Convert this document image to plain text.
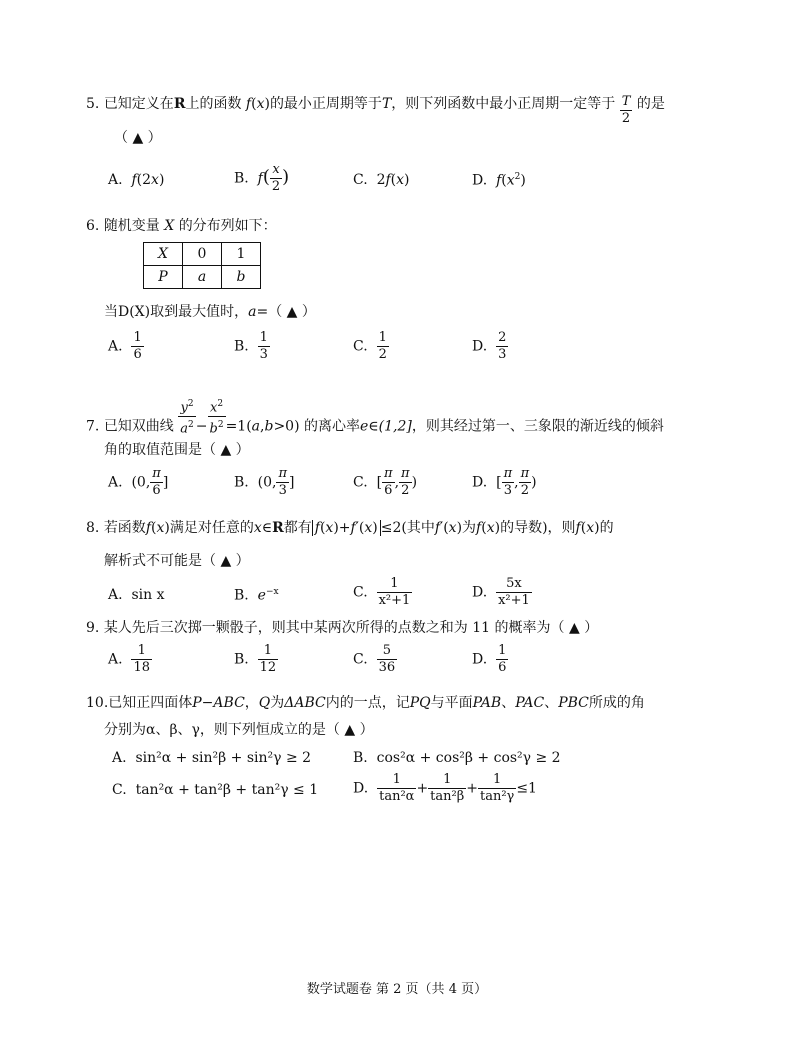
5. 已知定义在R上的函数 f(x)的最小正周期等于T，则下列函数中最小正周期一定等于 $\frac{T}{2}$ 的是
（ ▲ ）
A. f(2x)	B. $f( \frac{x}{2}$ )	C.  2f(x)	D. $f(x^2)$
6. 随机变量 X 的分布列如下：
X	0	1
P	a	b
当D(X)取到最大值时，a=（ ▲ ）
A. $\frac{1}{6}$	B. $\frac{1}{3}$	C. $\frac{1}{2}$	D. $\frac{2}{3}$
7. 已知双曲线 $\frac{y^2}{a^2} - \frac{x^2}{b^2} =1(a,b>0)$ 的离心率e∈(1,2]，则其经过第一、三象限的渐近线的倾斜
角的取值范围是（ ▲ ）
A.  (0, $\frac{\pi}{6}$ ]	B.  (0, $\frac{\pi}{3}$ ]	C.  [ $\frac{\pi}{6}$ , $\frac{\pi}{2}$ )	D.  [ $\frac{\pi}{3}$ , $\frac{\pi}{2}$ )
8. 若函数f(x)满足对任意的x∈R都有 f(x)+f′(x) ≤2(其中f′(x)为f(x)的导数)，则f(x)的
解析式不可能是（ ▲ ）
A. sin x	B. $e^{-x}$	C. $\frac{1}{\text{x²+1}}$	D. $\frac{5x}{\text{x²+1}}$
9. 某人先后三次掷一颗骰子，则其中某两次所得的点数之和为 11 的概率为（ ▲ ）
A. $\frac{1}{18}$	B. $\frac{1}{12}$	C. $\frac{5}{36}$	D. $\frac{1}{6}$
10.已知正四面体P−ABC，Q为ΔABC内的一点，记PQ与平面PAB、PAC、PBC所成的角
分别为α、β、γ，则下列恒成立的是（ ▲ ）
A. sin²α + sin²β + sin²γ ≥ 2	B. cos²α + cos²β + cos²γ ≥ 2
C. tan²α + tan²β + tan²γ ≤ 1 D. $\frac{1}{\text{tan²α}} + \frac{1}{\text{tan²β}} + \frac{1}{\text{tan²γ}} \le 1$
数学试题卷 第 2 页（共 4 页）
